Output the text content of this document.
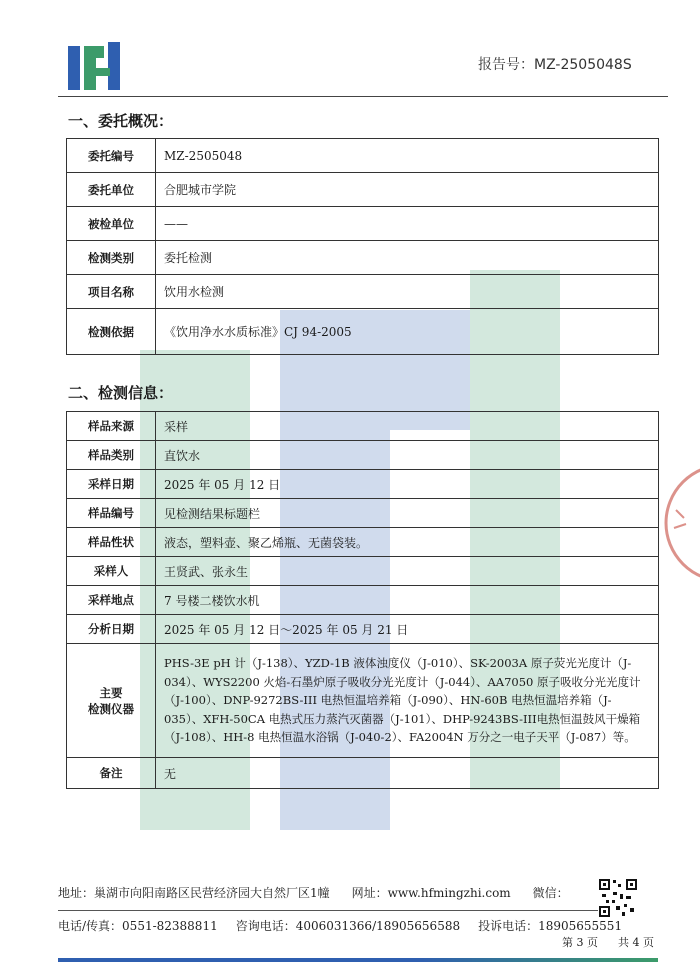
报告号：MZ-2505048S
一、委托概况：
委托编号	MZ-2505048
委托单位	合肥城市学院
被检单位	——
检测类别	委托检测
项目名称	饮用水检测
检测依据	《饮用净水水质标准》CJ 94-2005
二、检测信息：
样品来源	采样
样品类别	直饮水
采样日期	2025 年 05 月 12 日
样品编号	见检测结果标题栏
样品性状	液态，塑料壶、聚乙烯瓶、无菌袋装。
采样人	王贤武、张永生
采样地点	7 号楼二楼饮水机
分析日期	2025 年 05 月 12 日～2025 年 05 月 21 日

主要
检测仪器	PHS-3E pH 计（J-138）、YZD-1B 液体浊度仪（J-010）、SK-2003A 原子荧光光度计（J-034）、WYS2200 火焰-石墨炉原子吸收分光光度计（J-044）、AA7050 原子吸收分光光度计（J-100）、DNP-9272BS-III 电热恒温培养箱（J-090）、HN-60B 电热恒温培养箱（J-035）、XFH-50CA 电热式压力蒸汽灭菌器（J-101）、DHP-9243BS-III电热恒温鼓风干燥箱 （J-108）、HH-8 电热恒温水浴锅（J-040-2）、FA2004N 万分之一电子天平（J-087）等。
备注	无
地址：巢湖市向阳南路区民营经济园大自然厂区1幢 网址：www.hfmingzhi.com 微信：
电话/传真：0551-82388811 咨询电话：4006031366/18905656588 投诉电话：18905655551
第 3 页 共 4 页
